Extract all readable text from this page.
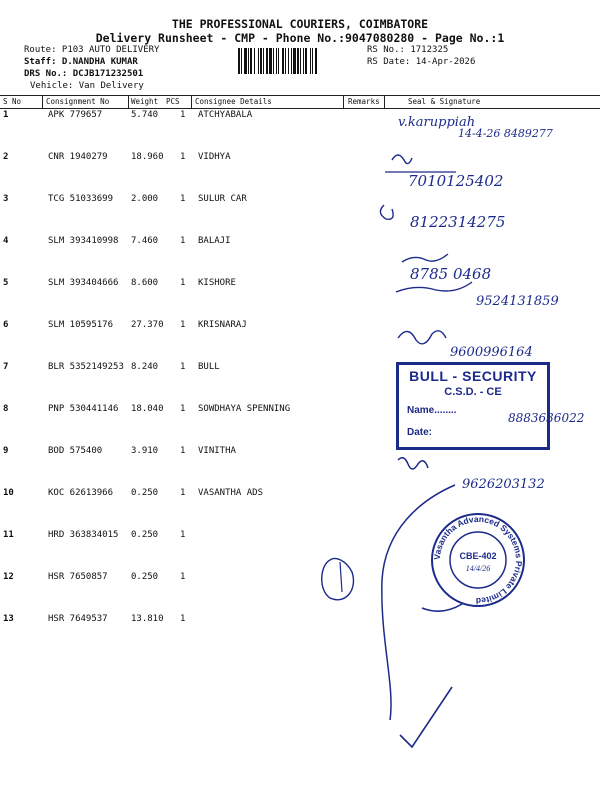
THE PROFESSIONAL COURIERS, COIMBATORE
Delivery Runsheet - CMP - Phone No.:9047080280 - Page No.:1
Route: P103 AUTO DELIVERY
Staff: D.NANDHA KUMAR
DRS No.: DCJB171232501
Vehicle: Van Delivery
RS No.: 1712325
RS Date: 14-Apr-2026
S No	Consignment No	Weight PCS Consignee Details	Remarks	Seal & Signature
1	APK 779657	5.740 1 ATCHYABALA
2	CNR 1940279	18.960 1 VIDHYA
3	TCG 51033699 2.000 1 SULUR CAR
4	SLM 393410998 7.460 1 BALAJI
5	SLM 393404666 8.600 1 KISHORE
6	SLM 10595176 27.370 1 KRISNARAJ
7	BLR 5352149253 8.240 1 BULL
8	PNP 530441146 18.040 1 SOWDHAYA SPENNING
9	BOD 575400	3.910 1 VINITHA
10	KOC 62613966 0.250 1 VASANTHA ADS
11	HRD 363834015 0.250 1
12	HSR 7650857	0.250 1
13	HSR 7649537	13.810 1
v.karuppiah
14-4-26 8489277
7010125402
8122314275
8785 0468
9524131859
9600996164
8883636022
9626203132
BULL - SECURITY
C.S.D. - CE
Name........
Date:
Vasantha Advanced Systems Private Limited
CBE-402
14/4/26
